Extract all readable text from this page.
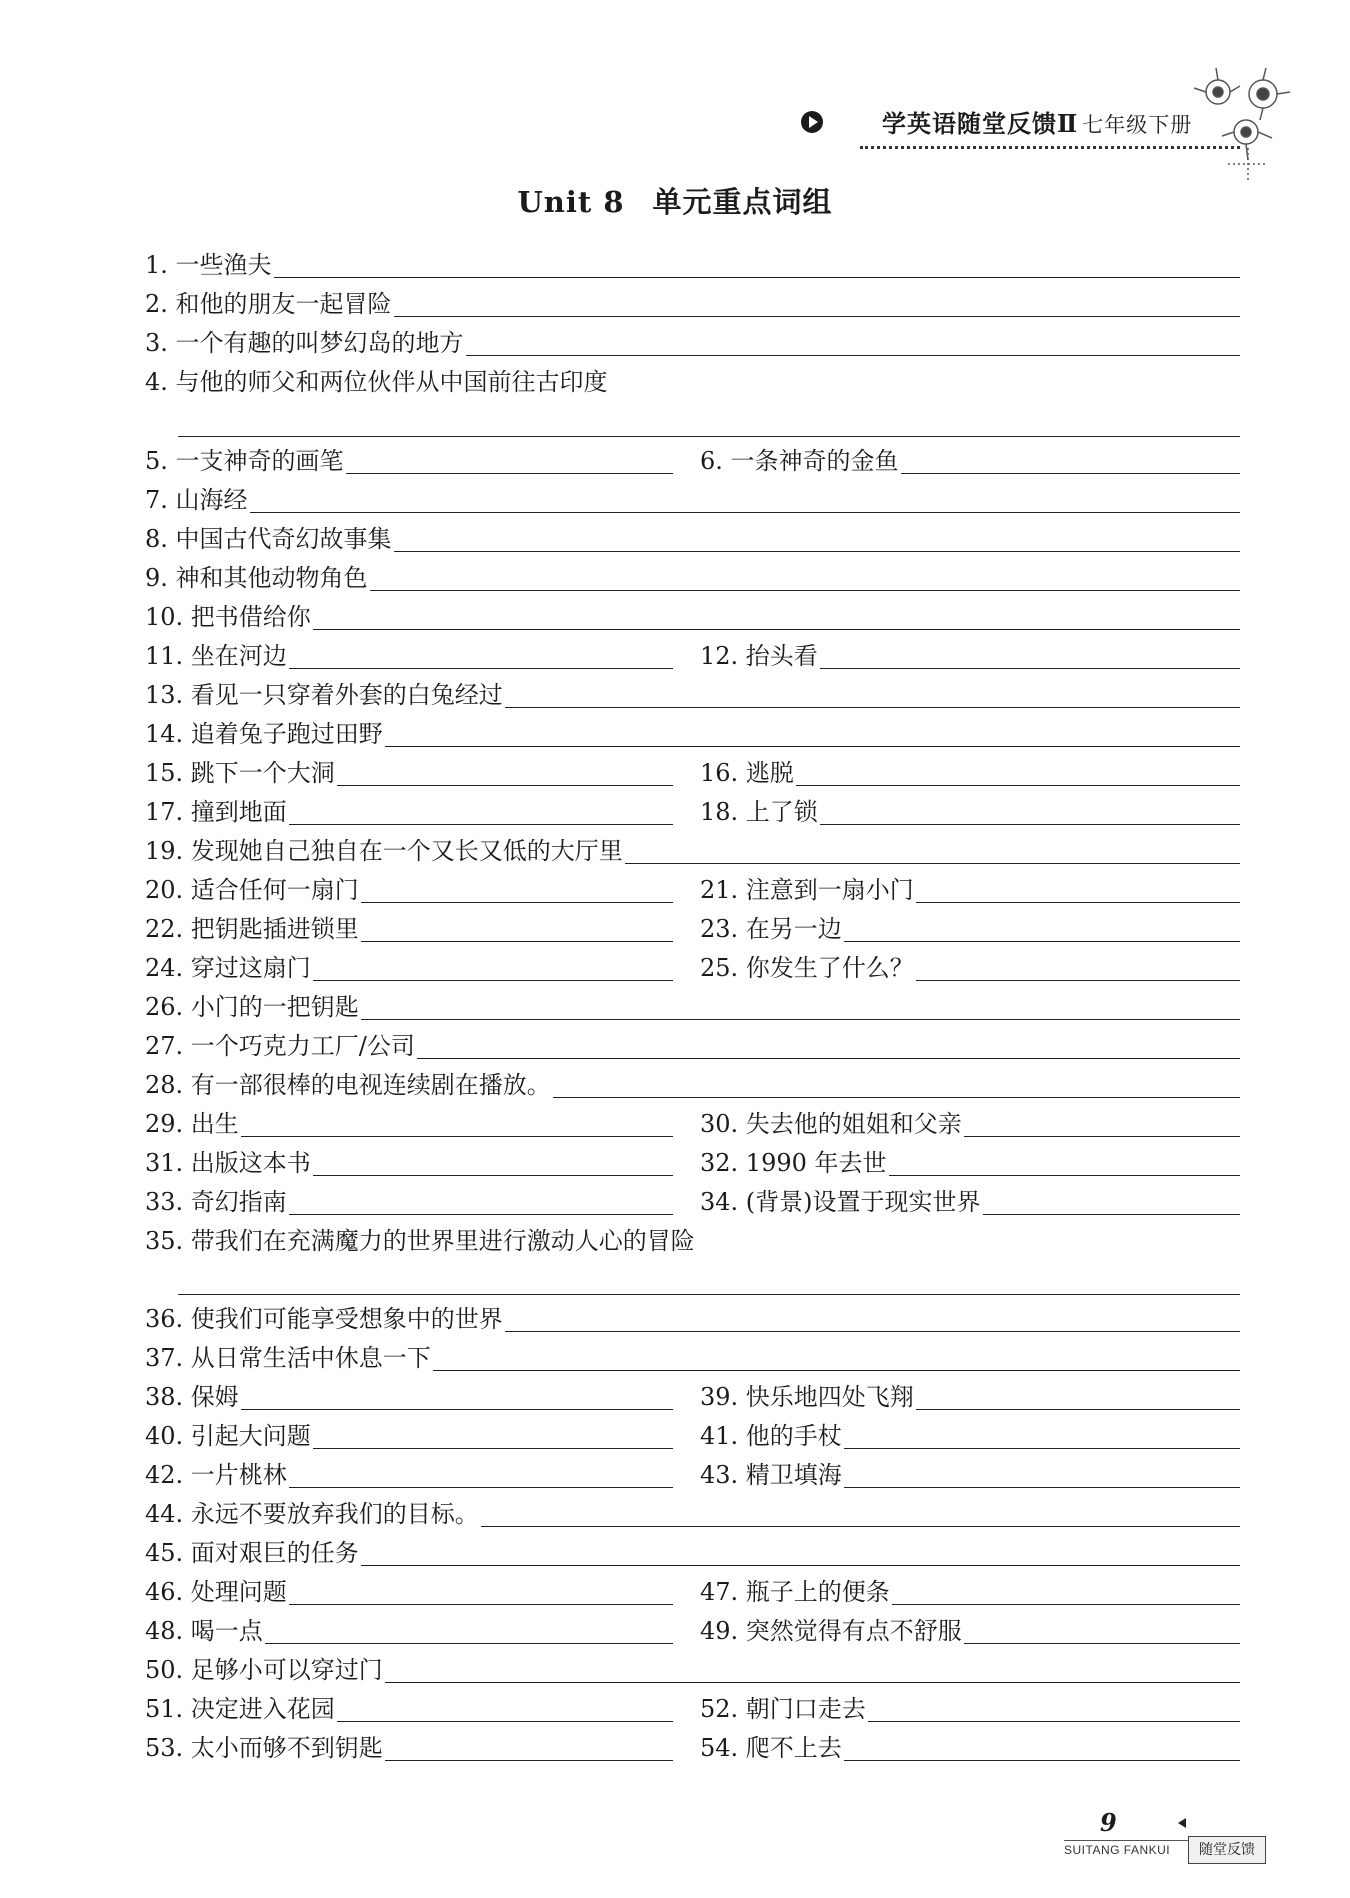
学英语随堂反馈Ⅱ 七年级下册
Unit 8 单元重点词组
1. 一些渔夫
2. 和他的朋友一起冒险
3. 一个有趣的叫梦幻岛的地方
4. 与他的师父和两位伙伴从中国前往古印度
5. 一支神奇的画笔	6. 一条神奇的金鱼
7. 山海经
8. 中国古代奇幻故事集
9. 神和其他动物角色
10. 把书借给你
11. 坐在河边	12. 抬头看
13. 看见一只穿着外套的白兔经过
14. 追着兔子跑过田野
15. 跳下一个大洞	16. 逃脱
17. 撞到地面	18. 上了锁
19. 发现她自己独自在一个又长又低的大厅里
20. 适合任何一扇门	21. 注意到一扇小门
22. 把钥匙插进锁里	23. 在另一边
24. 穿过这扇门	25. 你发生了什么？
26. 小门的一把钥匙
27. 一个巧克力工厂/公司
28. 有一部很棒的电视连续剧在播放。
29. 出生	30. 失去他的姐姐和父亲
31. 出版这本书	32. 1990 年去世
33. 奇幻指南	34. (背景)设置于现实世界
35. 带我们在充满魔力的世界里进行激动人心的冒险
36. 使我们可能享受想象中的世界
37. 从日常生活中休息一下
38. 保姆	39. 快乐地四处飞翔
40. 引起大问题	41. 他的手杖
42. 一片桃林	43. 精卫填海
44. 永远不要放弃我们的目标。
45. 面对艰巨的任务
46. 处理问题	47. 瓶子上的便条
48. 喝一点	49. 突然觉得有点不舒服
50. 足够小可以穿过门
51. 决定进入花园	52. 朝门口走去
53. 太小而够不到钥匙	54. 爬不上去
9
SUITANG FANKUI	随堂反馈
